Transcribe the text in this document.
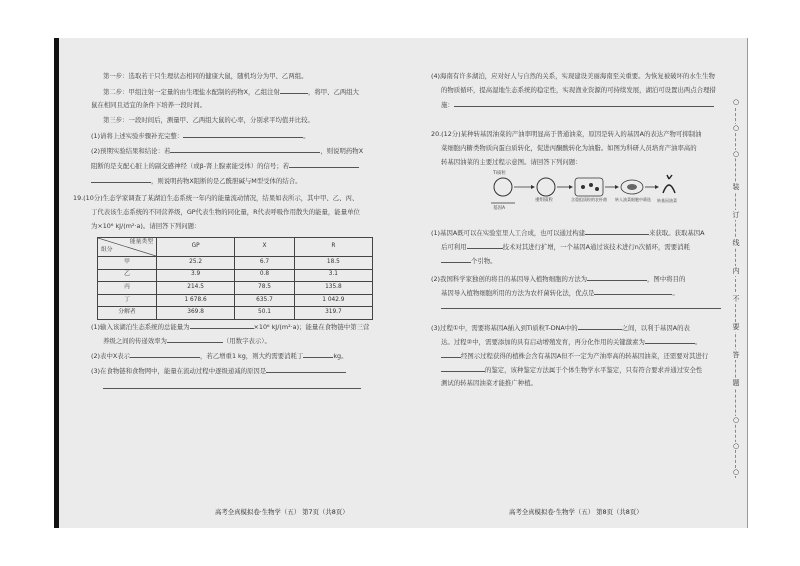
第一步：选取若干只生理状态相同的健康大鼠，随机均分为甲、乙两组。
第二步：甲组注射一定量的由生理盐水配制的药物X，乙组注射	，将甲、乙两组大
鼠在相同且适宜的条件下培养一段时间。
第三步：一段时间后，测量甲、乙两组大鼠的心率，分别求平均值并比较。
(1)请将上述实验步骤补充完整：	。
(2)预期实验结果和结论：若	，则说明药物X
阻断的是支配心脏上的副交感神经（或β-肾上腺素能受体）的信号；若
，则说明药物X阻断的是乙酰胆碱与M型受体的结合。
19.(10分)生态学家调查了某湖泊生态系统一年内的能量流动情况，结果如表所示，其中甲、乙、丙、
丁代表该生态系统的不同营养级，GP代表生物的同化量，R代表呼吸作用散失的能量，能量单位
为×10⁶ kJ/(m²·a)。请回答下列问题：
能量类型
组分	GP	X	R
甲	25.2	6.7	18.5
乙	3.9	0.8	3.1
丙	214.5	78.5	135.8
丁	1 678.6	635.7	1 042.9
分解者	369.8	50.1	319.7
(1)输入该湖泊生态系统的总能量为	×10⁶ kJ/(m²·a)；能量在食物链中第三营
养级之间的传递效率为	（用数字表示）。
(2)表中X表示	，若乙增重1 kg，则大约需要消耗丁	kg。
(3)在食物链和食物网中，能量在流动过程中逐级递减的原因是
高考全真模拟卷·生物学（五） 第7页（共8页）
(4)海南有许多湖泊，应对好人与自然的关系，实现建设美丽海南至关重要。为恢复被破坏的水生生物
的物质循环，提高湿地生态系统的稳定性，实现渔业资源的可持续发展，湖泊可设置出两点合理措
施：
20.(12分)某种转基因油菜的产油率明显高于普通油菜，原因是转入的基因A的表达产物可抑制油
菜细胞内糖类物质向蛋白质转化，促进丙酮酸转化为油脂。如图为科研人员培育产油率高的
转基因油菜的主要过程示意图。请回答下列问题：
Ti质粒
重组质粒	含重组质粒的农杆菌	转入油菜细胞中筛选	转基因油菜
基因A
(1)基因A既可以在实验室里人工合成，也可以通过构建	来获取。获取基因A
后可利用	技术对其进行扩增，一个基因A通过该技术进行n次循环，需要消耗
个引物。
(2)我国科学家独创的将目的基因导入植物细胞的方法为	，图中将目的
基因导入植物细胞所用的方法为农杆菌转化法，优点是	。
(3)过程①中，需要将基因A插入到Ti质粒T-DNA中的	之间，以利于基因A的表
达。过程②中，需要添加的具有启动增殖发育，再分化作用的关键激素为	。
经图示过程获得的植株会含有基因A但不一定为产油率高的转基因油菜，还需要对其进行
的鉴定，该种鉴定方法属于个体生物学水平鉴定，只有符合要求并通过安全性
测试的转基因油菜才能推广种植。
高考全真模拟卷·生物学（五） 第8页（共8页）
○
○
○
装
订
线
内
不
要
答
题
○
○
○
